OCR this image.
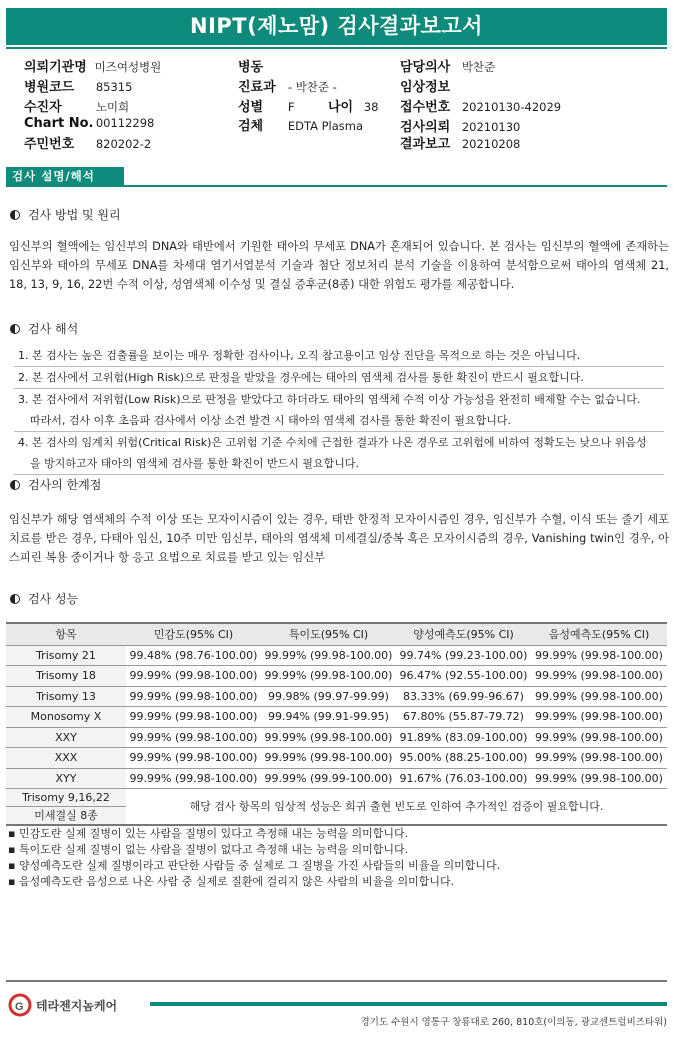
NIPT(제노맘) 검사결과보고서
의뢰기관명 미즈여성병원
병원코드 85315
수진자	노미희
Chart No. 00112298
주민번호 820202-2
병동
진료과 - 박찬준 -
성별 F	나이 38
검체 EDTA Plasma
담당의사 박찬준
임상정보
접수번호 20210130-42029
검사의뢰 20210130
결과보고 20210208
검사 설명/해석
검사 방법 및 원리
임신부의 혈액에는 임신부의 DNA와 태반에서 기원한 태아의 무세포 DNA가 혼재되어 있습니다. 본 검사는 임신부의 혈액에 존재하는 임신부와 태아의 무세포 DNA를 차세대 염기서열분석 기술과 첨단 정보처리 분석 기술을 이용하여 분석함으로써 태아의 염색체 21, 18, 13, 9, 16, 22번 수적 이상, 성염색체 이수성 및 결실 증후군(8종) 대한 위험도 평가를 제공합니다.
검사 해석
1. 본 검사는 높은 검출률을 보이는 매우 정확한 검사이나, 오직 참고용이고 임상 진단을 목적으로 하는 것은 아닙니다.
2. 본 검사에서 고위험(High Risk)으로 판정을 받았을 경우에는 태아의 염색체 검사를 통한 확진이 반드시 필요합니다.
3. 본 검사에서 저위험(Low Risk)으로 판정을 받았다고 하더라도 태아의 염색체 수적 이상 가능성을 완전히 배제할 수는 없습니다.
따라서, 검사 이후 초음파 검사에서 이상 소견 발견 시 태아의 염색체 검사를 통한 확진이 필요합니다.
4. 본 검사의 임계치 위험(Critical Risk)은 고위험 기준 수치에 근접한 결과가 나온 경우로 고위험에 비하여 정확도는 낮으나 위음성
을 방지하고자 태아의 염색체 검사를 통한 확진이 반드시 필요합니다.
검사의 한계점
임신부가 해당 염색체의 수적 이상 또는 모자이시즘이 있는 경우, 태반 한정적 모자이시즘인 경우, 임신부가 수혈, 이식 또는 줄기 세포 치료를 받은 경우, 다태아 임신, 10주 미만 임신부, 태아의 염색체 미세결실/중복 혹은 모자이시즘의 경우, Vanishing twin인 경우, 아스피린 복용 중이거나 항 응고 요법으로 치료를 받고 있는 임신부
검사 성능
항목	민감도(95% CI)	특이도(95% CI)	양성예측도(95% CI)	음성예측도(95% CI)
Trisomy 21	99.48% (98.76-100.00)	99.99% (99.98-100.00)	99.74% (99.23-100.00)	99.99% (99.98-100.00)
Trisomy 18	99.99% (99.98-100.00)	99.99% (99.98-100.00)	96.47% (92.55-100.00)	99.99% (99.98-100.00)
Trisomy 13	99.99% (99.98-100.00)	99.98% (99.97-99.99)	83.33% (69.99-96.67)	99.99% (99.98-100.00)
Monosomy X	99.99% (99.98-100.00)	99.94% (99.91-99.95)	67.80% (55.87-79.72)	99.99% (99.98-100.00)
XXY	99.99% (99.98-100.00)	99.99% (99.98-100.00)	91.89% (83.09-100.00)	99.99% (99.98-100.00)
XXX	99.99% (99.98-100.00)	99.99% (99.98-100.00)	95.00% (88.25-100.00)	99.99% (99.98-100.00)
XYY	99.99% (99.98-100.00)	99.99% (99.99-100.00)	91.67% (76.03-100.00)	99.99% (99.98-100.00)
Trisomy 9,16,22	해당 검사 항목의 임상적 성능은 희귀 출현 빈도로 인하여 추가적인 검증이 필요합니다.			
미세결실 8종				
▪ 민감도란 실제 질병이 있는 사람을 질병이 있다고 측정해 내는 능력을 의미합니다.
▪ 특이도란 실제 질병이 없는 사람을 질병이 없다고 측정해 내는 능력을 의미합니다.
▪ 양성예측도란 실제 질병이라고 판단한 사람들 중 실제로 그 질병을 가진 사람들의 비율을 의미합니다.
▪ 음성예측도란 음성으로 나온 사람 중 실제로 질환에 걸리지 않은 사람의 비율을 의미합니다.
G 테라젠지놈케어
경기도 수원시 영통구 창룡대로 260, 810호(이의동, 광교센트럴비즈타워)
